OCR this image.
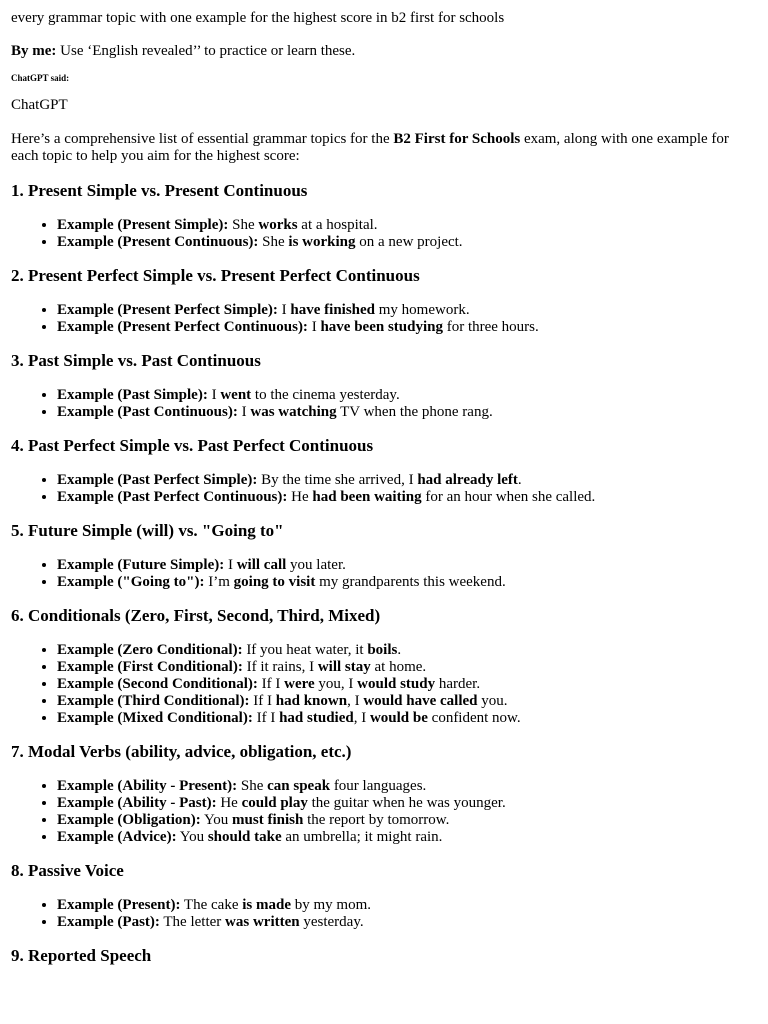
every grammar topic with one example for the highest score in b2 first for schools

By me: Use ‘English revealed’’ to practice or learn these.

ChatGPT said:

ChatGPT

Here’s a comprehensive list of essential grammar topics for the B2 First for Schools exam, along with one example for each topic to help you aim for the highest score:

1. Present Simple vs. Present Continuous
• Example (Present Simple): She works at a hospital.
• Example (Present Continuous): She is working on a new project.
2. Present Perfect Simple vs. Present Perfect Continuous
• Example (Present Perfect Simple): I have finished my homework.
• Example (Present Perfect Continuous): I have been studying for three hours.
3. Past Simple vs. Past Continuous
• Example (Past Simple): I went to the cinema yesterday.
• Example (Past Continuous): I was watching TV when the phone rang.
4. Past Perfect Simple vs. Past Perfect Continuous
• Example (Past Perfect Simple): By the time she arrived, I had already left.
• Example (Past Perfect Continuous): He had been waiting for an hour when she called.
5. Future Simple (will) vs. "Going to"
• Example (Future Simple): I will call you later.
• Example ("Going to"): I’m going to visit my grandparents this weekend.
6. Conditionals (Zero, First, Second, Third, Mixed)
• Example (Zero Conditional): If you heat water, it boils.
• Example (First Conditional): If it rains, I will stay at home.
• Example (Second Conditional): If I were you, I would study harder.
• Example (Third Conditional): If I had known, I would have called you.
• Example (Mixed Conditional): If I had studied, I would be confident now.
7. Modal Verbs (ability, advice, obligation, etc.)
• Example (Ability - Present): She can speak four languages.
• Example (Ability - Past): He could play the guitar when he was younger.
• Example (Obligation): You must finish the report by tomorrow.
• Example (Advice): You should take an umbrella; it might rain.
8. Passive Voice
• Example (Present): The cake is made by my mom.
• Example (Past): The letter was written yesterday.
9. Reported Speech
